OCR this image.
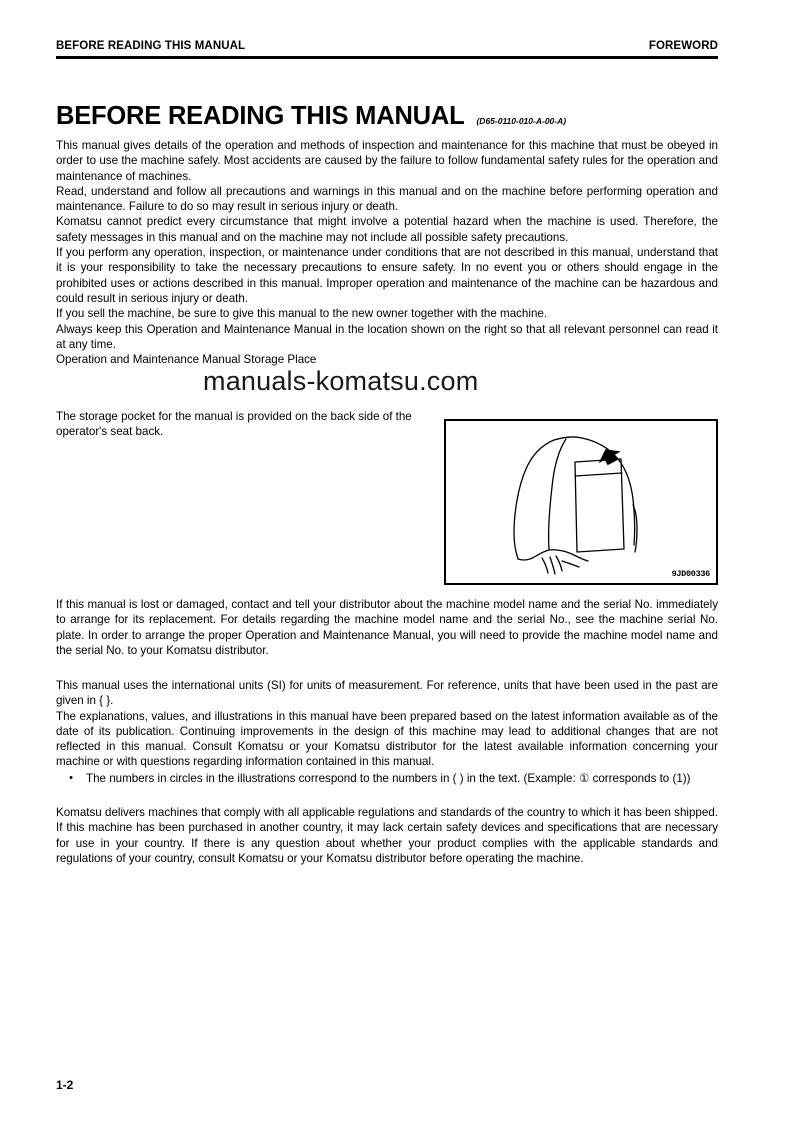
BEFORE READING THIS MANUAL	FOREWORD
BEFORE READING THIS MANUAL (D65-0110-010-A-00-A)

This manual gives details of the operation and methods of inspection and maintenance for this machine that must be obeyed in order to use the machine safely. Most accidents are caused by the failure to follow fundamental safety rules for the operation and maintenance of machines.

Read, understand and follow all precautions and warnings in this manual and on the machine before performing operation and maintenance. Failure to do so may result in serious injury or death.

Komatsu cannot predict every circumstance that might involve a potential hazard when the machine is used. Therefore, the safety messages in this manual and on the machine may not include all possible safety precautions.

If you perform any operation, inspection, or maintenance under conditions that are not described in this manual, understand that it is your responsibility to take the necessary precautions to ensure safety. In no event you or others should engage in the prohibited uses or actions described in this manual. Improper operation and maintenance of the machine can be hazardous and could result in serious injury or death.

If you sell the machine, be sure to give this manual to the new owner together with the machine.

Always keep this Operation and Maintenance Manual in the location shown on the right so that all relevant personnel can read it at any time.

Operation and Maintenance Manual Storage Place

manuals-komatsu.com

The storage pocket for the manual is provided on the back side of the operator's seat back.

9JD00336

If this manual is lost or damaged, contact and tell your distributor about the machine model name and the serial No. immediately to arrange for its replacement. For details regarding the machine model name and the serial No., see the machine serial No. plate. In order to arrange the proper Operation and Maintenance Manual, you will need to provide the machine model name and the serial No. to your Komatsu distributor.

This manual uses the international units (SI) for units of measurement. For reference, units that have been used in the past are given in { }.

The explanations, values, and illustrations in this manual have been prepared based on the latest information available as of the date of its publication. Continuing improvements in the design of this machine may lead to additional changes that are not reflected in this manual. Consult Komatsu or your Komatsu distributor for the latest available information concerning your machine or with questions regarding information contained in this manual.

•	The numbers in circles in the illustrations correspond to the numbers in ( ) in the text. (Example: ① corresponds to (1))

Komatsu delivers machines that comply with all applicable regulations and standards of the country to which it has been shipped. If this machine has been purchased in another country, it may lack certain safety devices and specifications that are necessary for use in your country. If there is any question about whether your product complies with the applicable standards and regulations of your country, consult Komatsu or your Komatsu distributor before operating the machine.

1-2
